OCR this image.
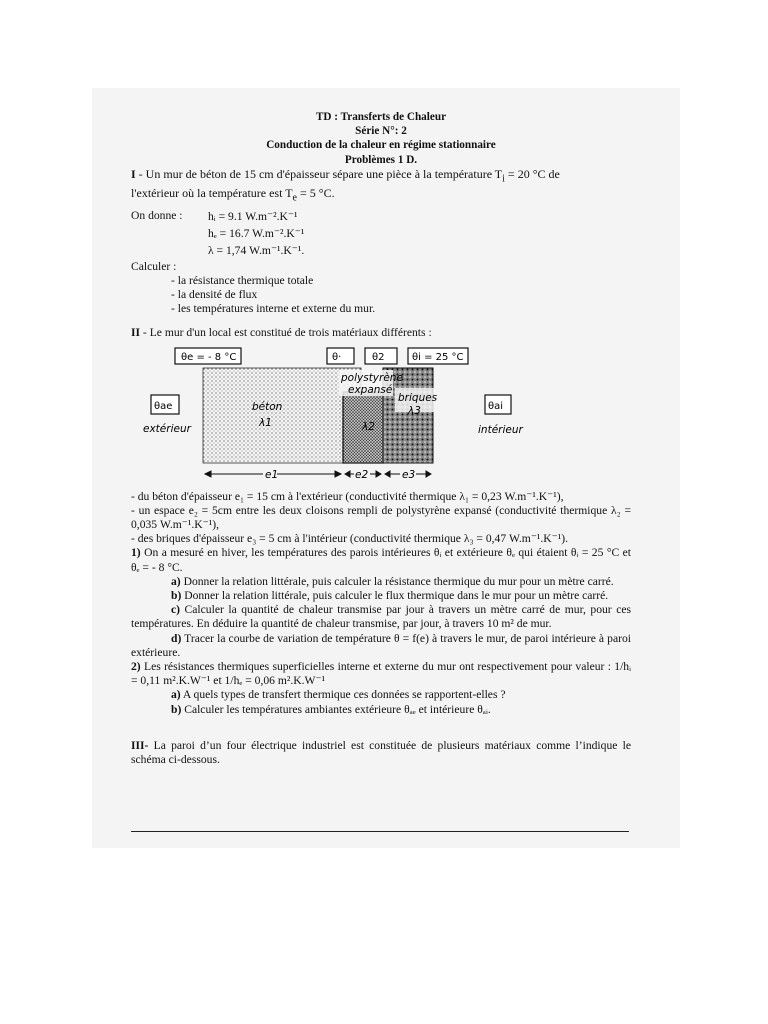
TD : Transferts de Chaleur
Série N°: 2
Conduction de la chaleur en régime stationnaire
Problèmes 1 D.

I - Un mur de béton de 15 cm d'épaisseur sépare une pièce à la température $T_i = 20$ °C de
l'extérieur où la température est $T_e = 5$ °C.

On donne :	hᵢ = 9.1 W.m⁻².K⁻¹
hₑ = 16.7 W.m⁻².K⁻¹
λ = 1,74 W.m⁻¹.K⁻¹.

Calculer :

- la résistance thermique totale
- la densité de flux
- les températures interne et externe du mur.

II - Le mur d'un local est constitué de trois matériaux différents :

θe = - 8 °C	θ·	θ2	θi = 25 °C
béton
λ1
polystyrène
expansé
λ2
briques
λ3
θae	θai
extérieur	intérieur
e1	e2	e3

- du béton d'épaisseur e₁ = 15 cm à l'extérieur (conductivité thermique λ₁ = 0,23 W.m⁻¹.K⁻¹),

- un espace e₂ = 5cm entre les deux cloisons rempli de polystyrène expansé (conductivité thermique λ₂ = 0,035 W.m⁻¹.K⁻¹),

- des briques d'épaisseur e₃ = 5 cm à l'intérieur (conductivité thermique λ₃ = 0,47 W.m⁻¹.K⁻¹).

1) On a mesuré en hiver, les températures des parois intérieures θᵢ et extérieure θₑ qui étaient θᵢ = 25 °C et θₑ = - 8 °C.

a) Donner la relation littérale, puis calculer la résistance thermique du mur pour un mètre carré.

b) Donner la relation littérale, puis calculer le flux thermique dans le mur pour un mètre carré.

c) Calculer la quantité de chaleur transmise par jour à travers un mètre carré de mur, pour ces températures. En déduire la quantité de chaleur transmise, par jour, à travers 10 m² de mur.

d) Tracer la courbe de variation de température θ = f(e) à travers le mur, de paroi intérieure à paroi extérieure.

2) Les résistances thermiques superficielles interne et externe du mur ont respectivement pour valeur : 1/hᵢ = 0,11 m².K.W⁻¹ et 1/hₑ = 0,06 m².K.W⁻¹

a) A quels types de transfert thermique ces données se rapportent-elles ?

b) Calculer les températures ambiantes extérieure θₐₑ et intérieure θₐᵢ.

III- La paroi d’un four électrique industriel est constituée de plusieurs matériaux comme l’indique le schéma ci-dessous.
